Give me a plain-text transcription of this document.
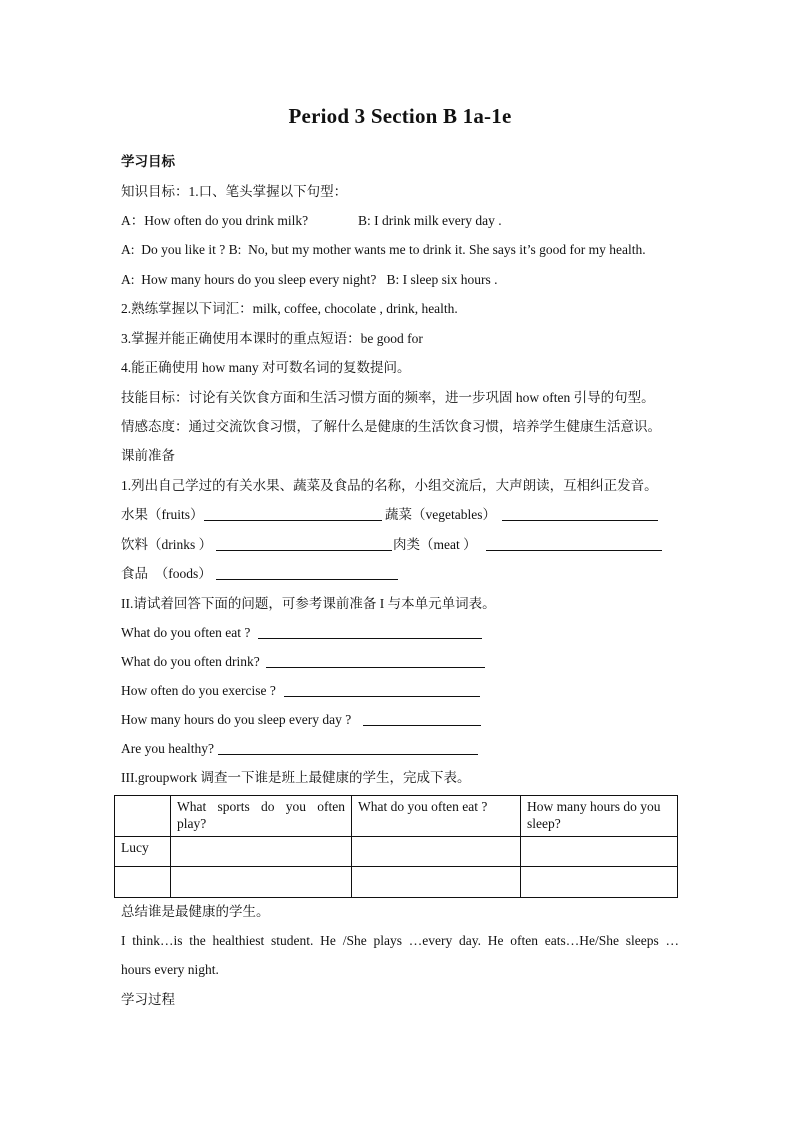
Period 3 Section B 1a-1e
学习目标
知识目标：1.口、笔头掌握以下句型：
A：How often do you drink milk?	B: I drink milk every day .
A:  Do you like it ? B:  No, but my mother wants me to drink it. She says it’s good for my health.
A:  How many hours do you sleep every night?   B: I sleep six hours .
2.熟练掌握以下词汇：milk, coffee, chocolate , drink, health.
3.掌握并能正确使用本课时的重点短语：be good for
4.能正确使用 how many 对可数名词的复数提问。
技能目标：讨论有关饮食方面和生活习惯方面的频率，进一步巩固 how often 引导的句型。
情感态度：通过交流饮食习惯，了解什么是健康的生活饮食习惯，培养学生健康生活意识。
课前准备
1.列出自己学过的有关水果、蔬菜及食品的名称，小组交流后，大声朗读，互相纠正发音。
水果（fruits）	蔬菜（vegetables）
饮料（drinks ）	肉类（meat ）
食品  （foods）
II.请试着回答下面的问题，可参考课前准备 I 与本单元单词表。
What do you often eat ?
What do you often drink?
How often do you exercise ?
How many hours do you sleep every day ?
Are you healthy?
III.groupwork 调查一下谁是班上最健康的学生，完成下表。
	What sports do you often play?	What do you often eat ?	How many hours do you sleep?
Lucy			

总结谁是最健康的学生。
I think…is the healthiest student. He /She plays …every day. He often eats…He/She sleeps …
hours every night.
学习过程
